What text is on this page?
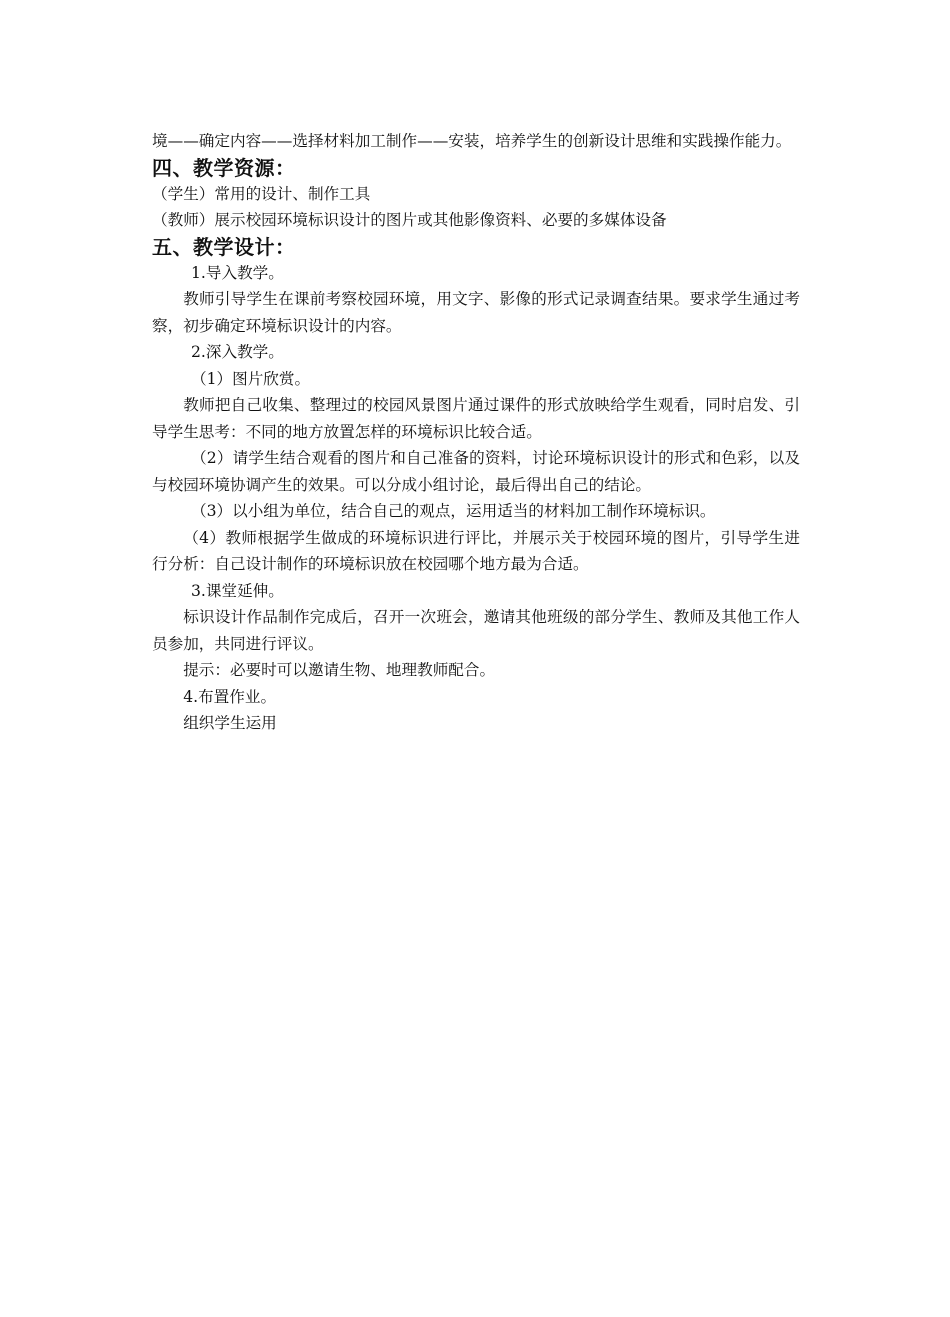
境——确定内容——选择材料加工制作——安装，培养学生的创新设计思维和实践操作能力。

四、教学资源：

（学生）常用的设计、制作工具

（教师）展示校园环境标识设计的图片或其他影像资料、必要的多媒体设备

五、教学设计：

1.导入教学。

教师引导学生在课前考察校园环境，用文字、影像的形式记录调查结果。要求学生通过考察，初步确定环境标识设计的内容。

2.深入教学。

（1）图片欣赏。

教师把自己收集、整理过的校园风景图片通过课件的形式放映给学生观看，同时启发、引导学生思考：不同的地方放置怎样的环境标识比较合适。

（2）请学生结合观看的图片和自己准备的资料，讨论环境标识设计的形式和色彩，以及与校园环境协调产生的效果。可以分成小组讨论，最后得出自己的结论。

（3）以小组为单位，结合自己的观点，运用适当的材料加工制作环境标识。

（4）教师根据学生做成的环境标识进行评比，并展示关于校园环境的图片，引导学生进行分析：自己设计制作的环境标识放在校园哪个地方最为合适。

3.课堂延伸。

标识设计作品制作完成后，召开一次班会，邀请其他班级的部分学生、教师及其他工作人员参加，共同进行评议。

提示：必要时可以邀请生物、地理教师配合。

4.布置作业。

组织学生运用
